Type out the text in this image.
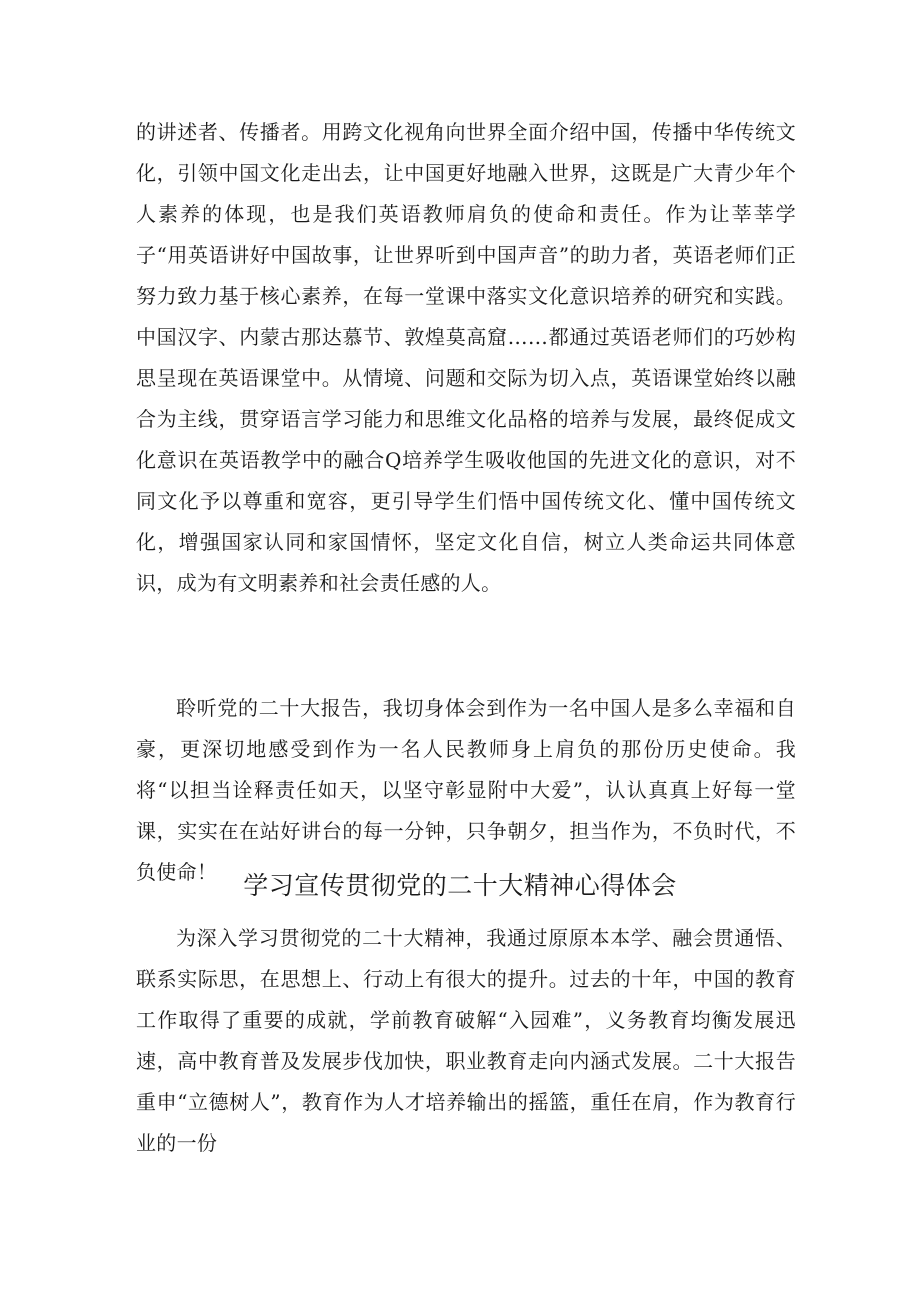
的讲述者、传播者。用跨文化视角向世界全面介绍中国，传播中华传统文化，引领中国文化走出去，让中国更好地融入世界，这既是广大青少年个人素养的体现，也是我们英语教师肩负的使命和责任。作为让莘莘学子“用英语讲好中国故事，让世界听到中国声音”的助力者，英语老师们正努力致力基于核心素养，在每一堂课中落实文化意识培养的研究和实践。中国汉字、内蒙古那达慕节、敦煌莫高窟……都通过英语老师们的巧妙构思呈现在英语课堂中。从情境、问题和交际为切入点，英语课堂始终以融合为主线，贯穿语言学习能力和思维文化品格的培养与发展，最终促成文化意识在英语教学中的融合Q培养学生吸收他国的先进文化的意识，对不同文化予以尊重和宽容，更引导学生们悟中国传统文化、懂中国传统文化，增强国家认同和家国情怀，坚定文化自信，树立人类命运共同体意识，成为有文明素养和社会责任感的人。

聆听党的二十大报告，我切身体会到作为一名中国人是多么幸福和自豪，更深切地感受到作为一名人民教师身上肩负的那份历史使命。我将“以担当诠释责任如天，以坚守彰显附中大爱”，认认真真上好每一堂课，实实在在站好讲台的每一分钟，只争朝夕，担当作为，不负时代，不负使命！	学习宣传贯彻党的二十大精神心得体会

为深入学习贯彻党的二十大精神，我通过原原本本学、融会贯通悟、联系实际思，在思想上、行动上有很大的提升。过去的十年，中国的教育工作取得了重要的成就，学前教育破解“入园难”，义务教育均衡发展迅速，高中教育普及发展步伐加快，职业教育走向内涵式发展。二十大报告重申“立德树人”，教育作为人才培养输出的摇篮，重任在肩，作为教育行业的一份
